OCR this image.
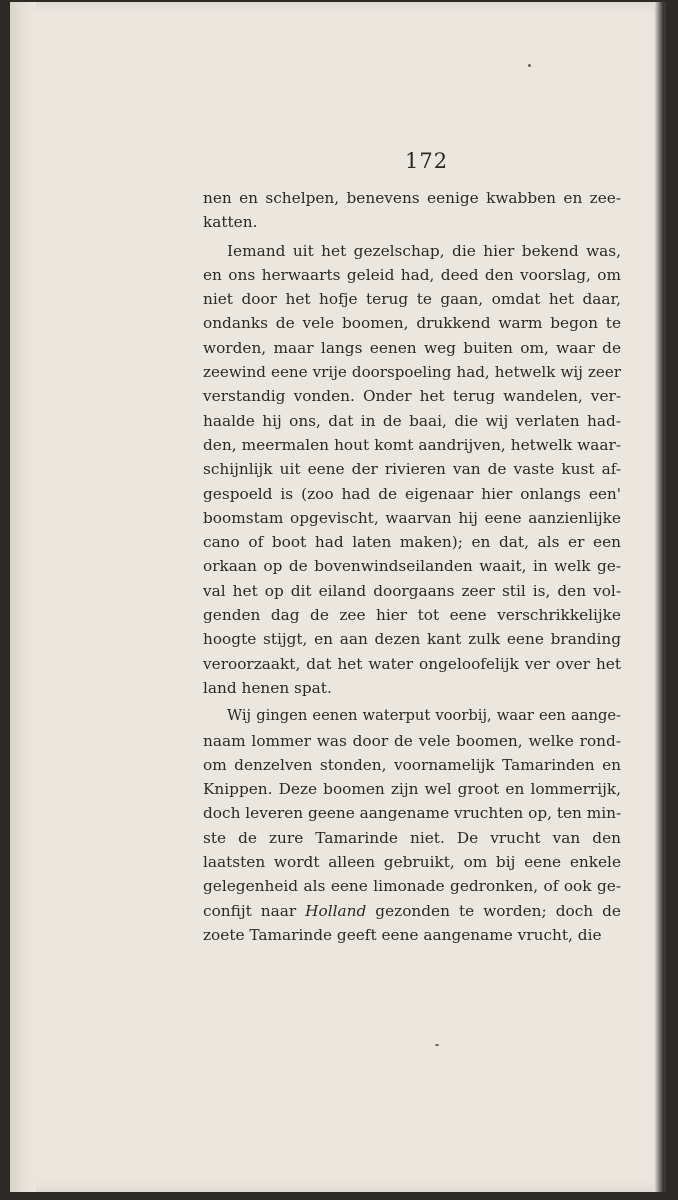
172
nen en schelpen, benevens eenige kwabben en zee-
katten.
Iemand uit het gezelschap, die hier bekend was,
en ons herwaarts geleid had, deed den voorslag, om
niet door het hofje terug te gaan, omdat het daar,
ondanks de vele boomen, drukkend warm begon te
worden, maar langs eenen weg buiten om, waar de
zeewind eene vrije doorspoeling had, hetwelk wij zeer
verstandig vonden. Onder het terug wandelen, ver-
haalde hij ons, dat in de baai, die wij verlaten had-
den, meermalen hout komt aandrijven, hetwelk waar-
schijnlijk uit eene der rivieren van de vaste kust af-
gespoeld is (zoo had de eigenaar hier onlangs een'
boomstam opgevischt, waarvan hij eene aanzienlijke
cano of boot had laten maken); en dat, als er een
orkaan op de bovenwindseilanden waait, in welk ge-
val het op dit eiland doorgaans zeer stil is, den vol-
genden dag de zee hier tot eene verschrikkelijke
hoogte stijgt, en aan dezen kant zulk eene branding
veroorzaakt, dat het water ongeloofelijk ver over het
land henen spat.
Wij gingen eenen waterput voorbij, waar een aange-
naam lommer was door de vele boomen, welke rond-
om denzelven stonden, voornamelijk Tamarinden en
Knippen. Deze boomen zijn wel groot en lommerrijk,
doch leveren geene aangename vruchten op, ten min-
ste de zure Tamarinde niet. De vrucht van den
laatsten wordt alleen gebruikt, om bij eene enkele
gelegenheid als eene limonade gedronken, of ook ge-
confijt naar Holland gezonden te worden; doch de
zoete Tamarinde geeft eene aangename vrucht, die
